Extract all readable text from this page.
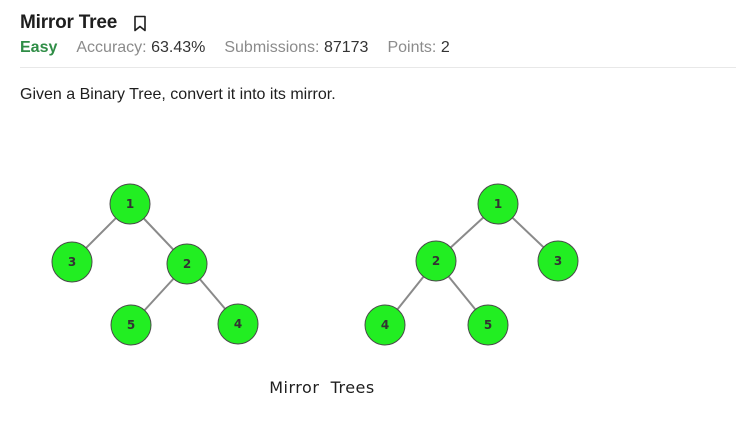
Mirror Tree
Easy Accuracy: 63.43% Submissions: 87173 Points: 2
Given a Binary Tree, convert it into its mirror.
1
3	2
5	4
1
2	3
4	5
Mirror  Trees
